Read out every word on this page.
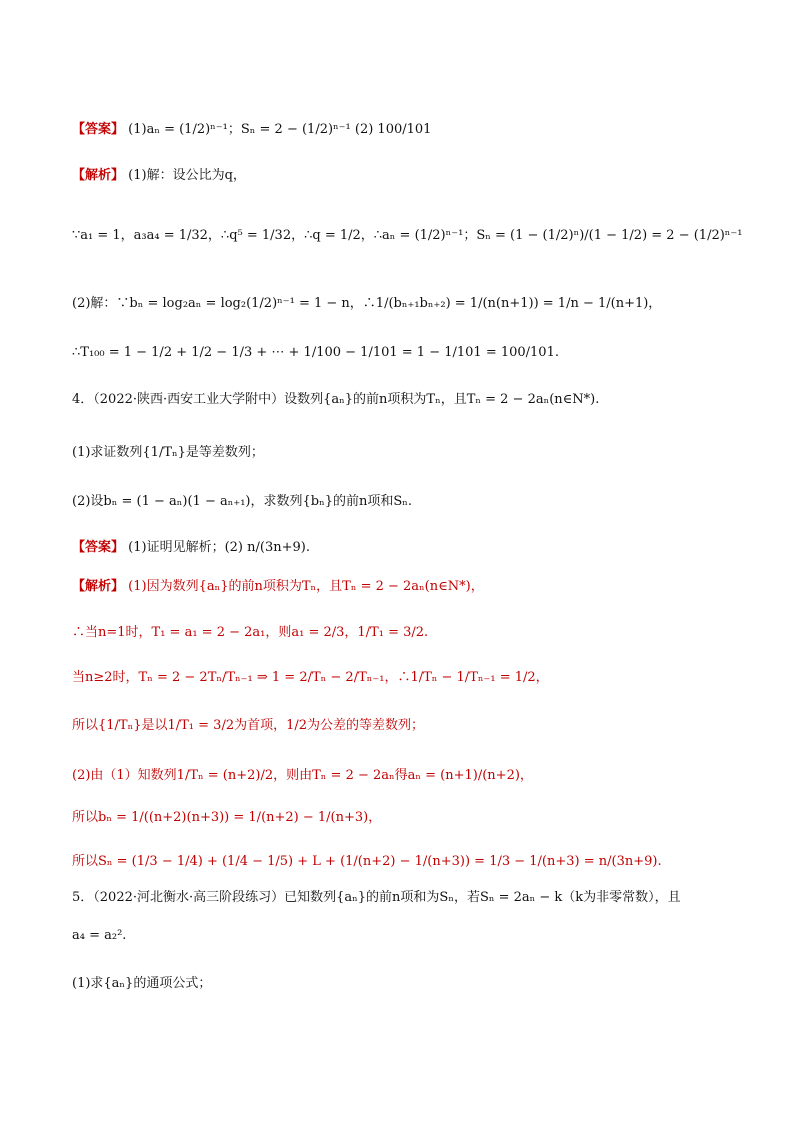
【答案】 (1)aₙ = (1/2)ⁿ⁻¹；Sₙ = 2 − (1/2)ⁿ⁻¹ (2) 100/101
【解析】 (1)解：设公比为q，
∵a₁ = 1，a₃a₄ = 1/32，∴q⁵ = 1/32，∴q = 1/2，∴aₙ = (1/2)ⁿ⁻¹；Sₙ = (1 − (1/2)ⁿ)/(1 − 1/2) = 2 − (1/2)ⁿ⁻¹
(2)解：∵bₙ = log₂aₙ = log₂(1/2)ⁿ⁻¹ = 1 − n，∴1/(bₙ₊₁bₙ₊₂) = 1/(n(n+1)) = 1/n − 1/(n+1)，
∴T₁₀₀ = 1 − 1/2 + 1/2 − 1/3 + ⋯ + 1/100 − 1/101 = 1 − 1/101 = 100/101.
4．（2022·陕西·西安工业大学附中）设数列{aₙ}的前n项积为Tₙ，且Tₙ = 2 − 2aₙ(n∈N*).
(1)求证数列{1/Tₙ}是等差数列；
(2)设bₙ = (1 − aₙ)(1 − aₙ₊₁)，求数列{bₙ}的前n项和Sₙ.
【答案】 (1)证明见解析；(2) n/(3n+9).
【解析】 (1)因为数列{aₙ}的前n项积为Tₙ，且Tₙ = 2 − 2aₙ(n∈N*)，
∴当n=1时，T₁ = a₁ = 2 − 2a₁，则a₁ = 2/3，1/T₁ = 3/2.
当n≥2时，Tₙ = 2 − 2Tₙ/Tₙ₋₁ ⇒ 1 = 2/Tₙ − 2/Tₙ₋₁，∴1/Tₙ − 1/Tₙ₋₁ = 1/2，
所以{1/Tₙ}是以1/T₁ = 3/2为首项，1/2为公差的等差数列；
(2)由（1）知数列1/Tₙ = (n+2)/2，则由Tₙ = 2 − 2aₙ得aₙ = (n+1)/(n+2)，
所以bₙ = 1/((n+2)(n+3)) = 1/(n+2) − 1/(n+3)，
所以Sₙ = (1/3 − 1/4) + (1/4 − 1/5) + L + (1/(n+2) − 1/(n+3)) = 1/3 − 1/(n+3) = n/(3n+9).
5．（2022·河北衡水·高三阶段练习）已知数列{aₙ}的前n项和为Sₙ，若Sₙ = 2aₙ − k（k为非零常数），且
a₄ = a₂².
(1)求{aₙ}的通项公式；
